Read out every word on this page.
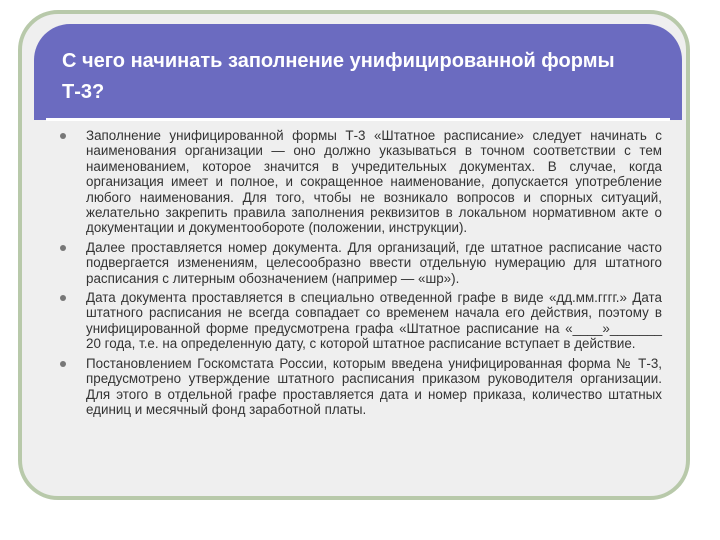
С чего начинать заполнение унифицированной формы Т-3?
Заполнение унифицированной формы Т-3 «Штатное расписание» следует начинать с наименования организации — оно должно указываться в точном соответствии с тем наименованием, которое значится в учредительных документах. В случае, когда организация имеет и полное, и сокращенное наименование, допускается употребление любого наименования. Для того, чтобы не возникало вопросов и спорных ситуаций, желательно закрепить правила заполнения реквизитов в локальном нормативном акте о документации и документообороте (положении, инструкции).
Далее проставляется номер документа. Для организаций, где штатное расписание часто подвергается изменениям, целесообразно ввести отдельную нумерацию для штатного расписания с литерным обозначением (например — «шр»).
Дата документа проставляется в специально отведенной графе в виде «дд.мм.гггг.» Дата штатного расписания не всегда совпадает со временем начала его действия, поэтому в унифицированной форме предусмотрена графа «Штатное расписание на «____»_______ 20 года, т.е. на определенную дату, с которой штатное расписание вступает в действие.
Постановлением Госкомстата России, которым введена унифицированная форма № Т-3, предусмотрено утверждение штатного расписания приказом руководителя организации. Для этого в отдельной графе проставляется дата и номер приказа, количество штатных единиц и месячный фонд заработной платы.
